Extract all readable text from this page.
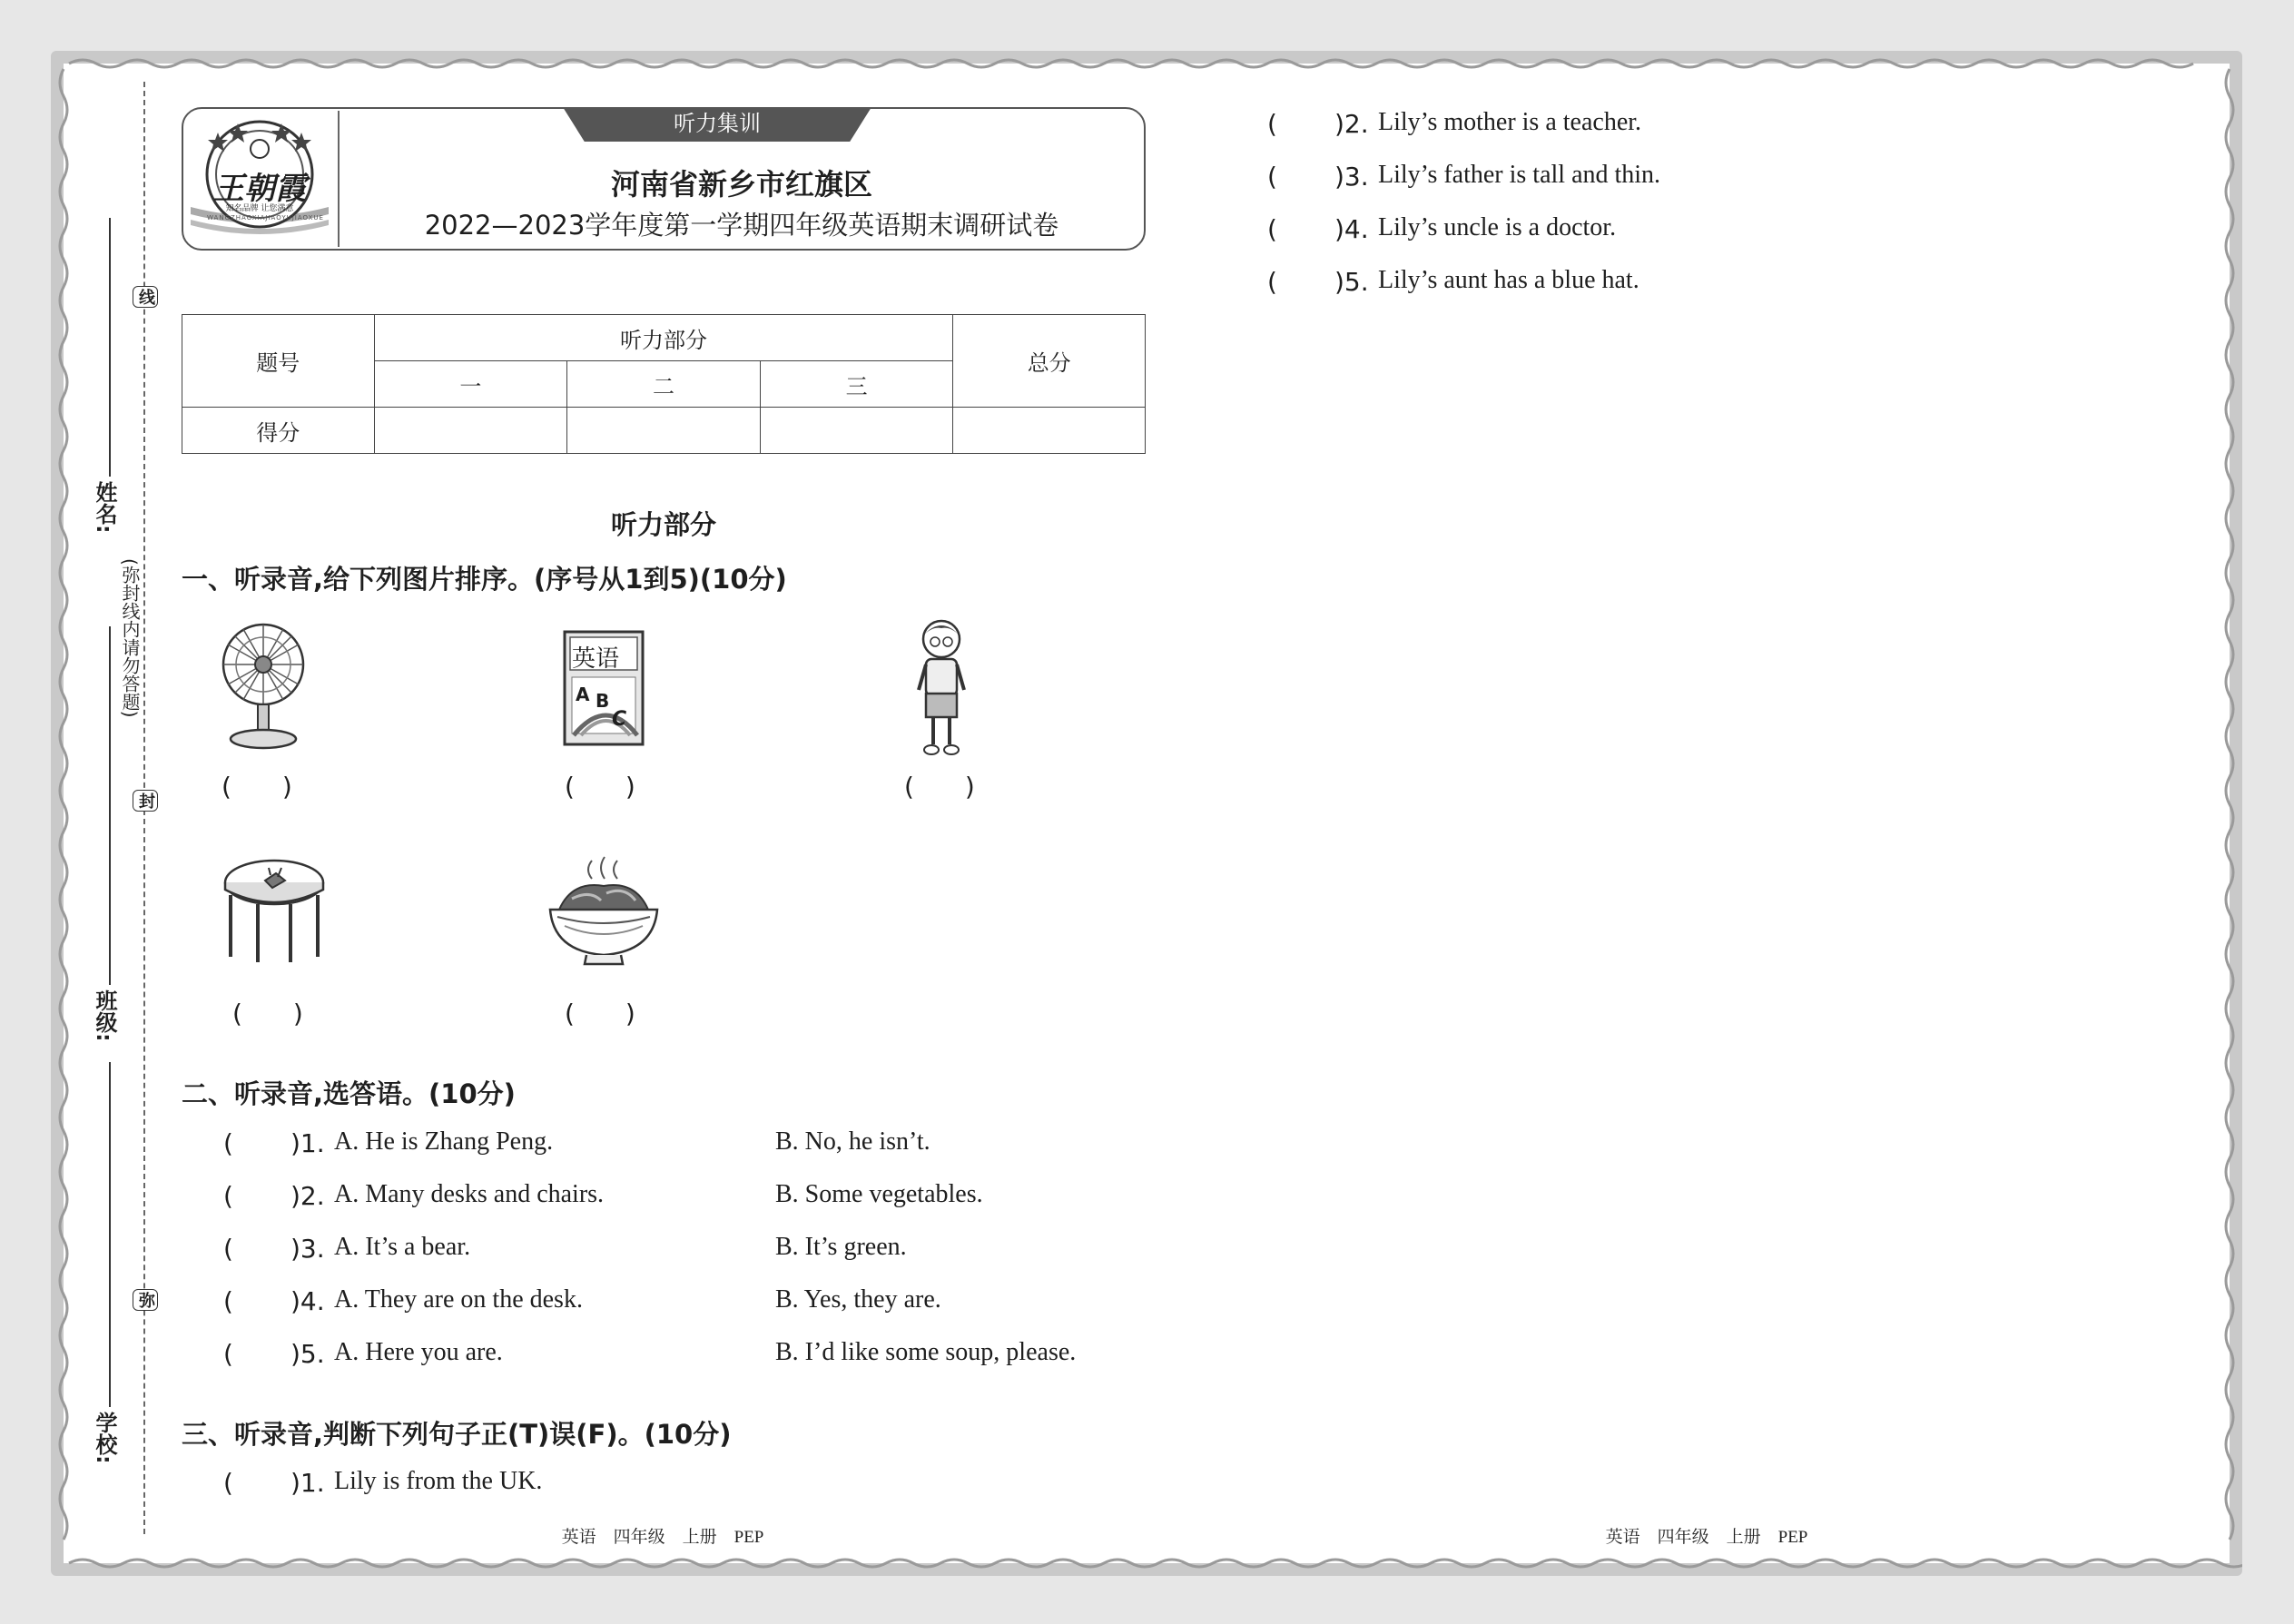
姓名:
班级:
学校:
(弥封线内请勿答题)
线
封
弥
听力集训
河南省新乡市红旗区
2022—2023学年度第一学期四年级英语期末调研试卷
王朝霞
知名品牌 让您满意
WANGZHAOXIAJIAOYUJIAOXUE
题号	听力部分			总分
	一	二	三	
得分				
听力部分
一、听录音,给下列图片排序。(序号从1到5)(10分)
(　　)
英语
A B
C
(　　)	(　　)
(　　)	(　　)
二、听录音,选答语。(10分)
( )1. A. He is Zhang Peng.	B. No, he isn’t.
( )2. A. Many desks and chairs.	B. Some vegetables.
( )3. A. It’s a bear.	B. It’s green.
( )4. A. They are on the desk.	B. Yes, they are.
( )5. A. Here you are.	B. I’d like some soup, please.
三、听录音,判断下列句子正(T)误(F)。(10分)
( )1. Lily is from the UK.
( )2. Lily’s mother is a teacher.
( )3. Lily’s father is tall and thin.
( )4. Lily’s uncle is a doctor.
( )5. Lily’s aunt has a blue hat.
英语　四年级　上册　PEP	英语　四年级　上册　PEP
